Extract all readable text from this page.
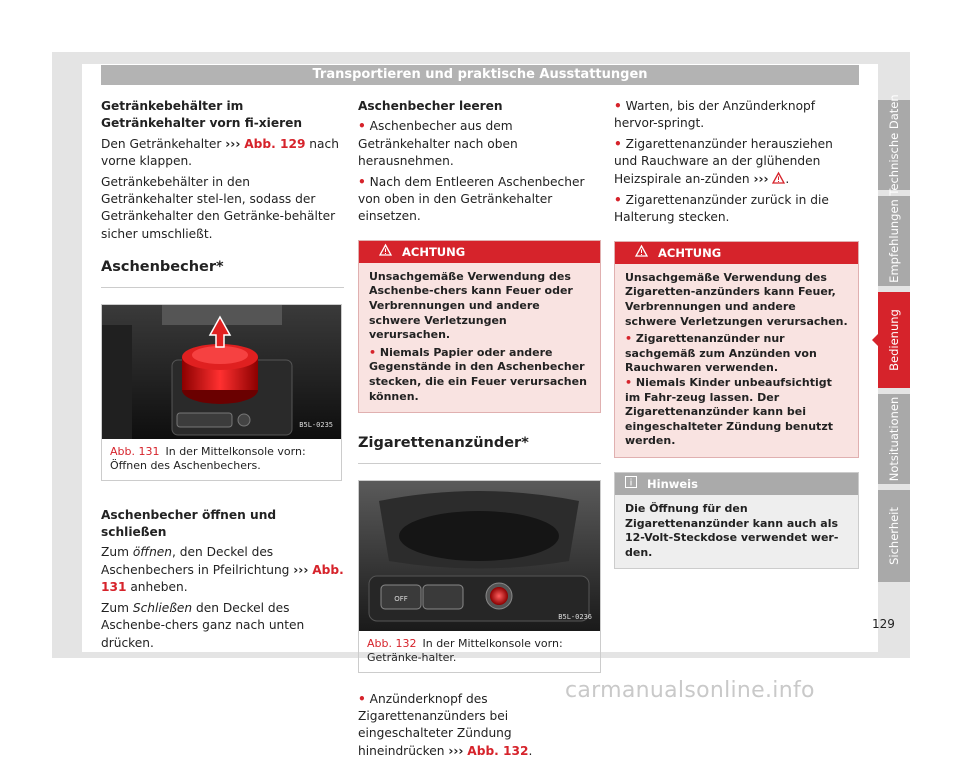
Transportieren und praktische Ausstattungen

Getränkebehälter im Getränkehalter vorn fi-xieren

Den Getränkehalter ››› Abb. 129 nach vorne klappen.

Getränkebehälter in den Getränkehalter stel-len, sodass der Getränkehalter den Getränke-behälter sicher umschließt.

Aschenbecher*
B5L-0235
Abb. 131 In der Mittelkonsole vorn: Öffnen des Aschenbechers.

Aschenbecher öffnen und schließen

Zum öffnen, den Deckel des Aschenbechers in Pfeilrichtung ››› Abb. 131 anheben.

Zum Schließen den Deckel des Aschenbe-chers ganz nach unten drücken.

Aschenbecher leeren

• Aschenbecher aus dem Getränkehalter nach oben herausnehmen.
• Nach dem Entleeren Aschenbecher von oben in den Getränkehalter einsetzen.
ACHTUNG

Unsachgemäße Verwendung des Aschenbe-chers kann Feuer oder Verbrennungen und andere schwere Verletzungen verursachen.

• Niemals Papier oder andere Gegenstände in den Aschenbecher stecken, die ein Feuer verursachen können.
Zigarettenanzünder*
OFF
B5L-0236
Abb. 132 In der Mittelkonsole vorn: Getränke-halter.
• Anzünderknopf des Zigarettenanzünders bei eingeschalteter Zündung hineindrücken ››› Abb. 132.
• Warten, bis der Anzünderknopf hervor-springt.
• Zigarettenanzünder herausziehen und Rauchware an der glühenden Heizspirale an-zünden ››› .
• Zigarettenanzünder zurück in die Halterung stecken.
ACHTUNG

Unsachgemäße Verwendung des Zigaretten-anzünders kann Feuer, Verbrennungen und andere schwere Verletzungen verursachen.

• Zigarettenanzünder nur sachgemäß zum Anzünden von Rauchwaren verwenden.
• Niemals Kinder unbeaufsichtigt im Fahr-zeug lassen. Der Zigarettenanzünder kann bei eingeschalteter Zündung benutzt werden.
Hinweis
Die Öffnung für den Zigarettenanzünder kann auch als 12-Volt-Steckdose verwendet wer-den.
Technische Daten
Empfehlungen
Bedienung
Notsituationen
Sicherheit
129
carmanualsonline.info
